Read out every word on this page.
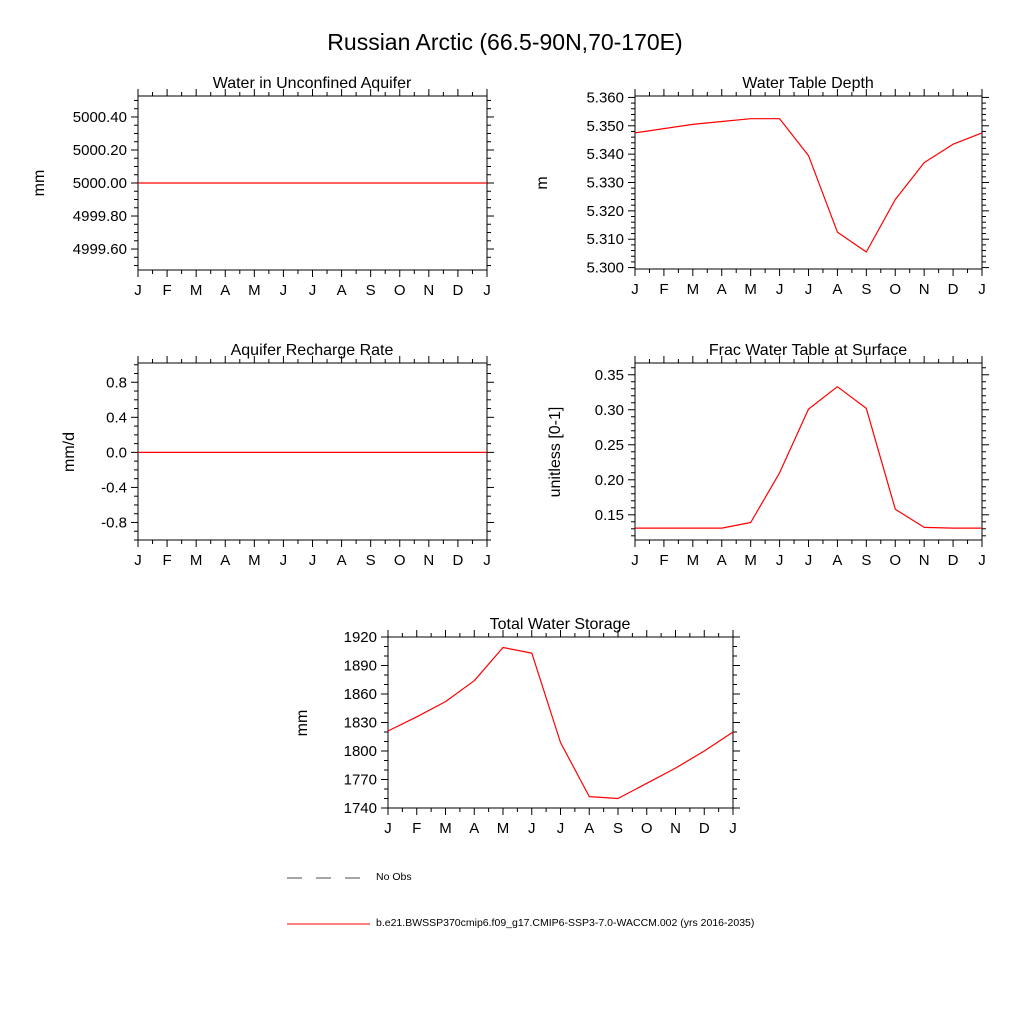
Russian Arctic (66.5-90N,70-170E)
4999.60
4999.80
5000.00
5000.20
5000.40
J F M A M J J A S O N D J
Water in Unconfined Aquifer
mm
5.300
5.310
5.320
5.330
5.340
5.350
5.360
J F M A M J J A S O N D J
Water Table Depth
m
-0.8
-0.4
0.0
0.4
0.8
J F M A M J J A S O N D J
Aquifer Recharge Rate
mm/d
0.15
0.20
0.25
0.30
0.35
J F M A M J J A S O N D J
Frac Water Table at Surface
unitless [0-1]
1740
1770
1800
1830
1860
1890
1920
J F M A M J J A S O N D J
Total Water Storage
mm
No Obs
b.e21.BWSSP370cmip6.f09_g17.CMIP6-SSP3-7.0-WACCM.002 (yrs 2016-2035)
